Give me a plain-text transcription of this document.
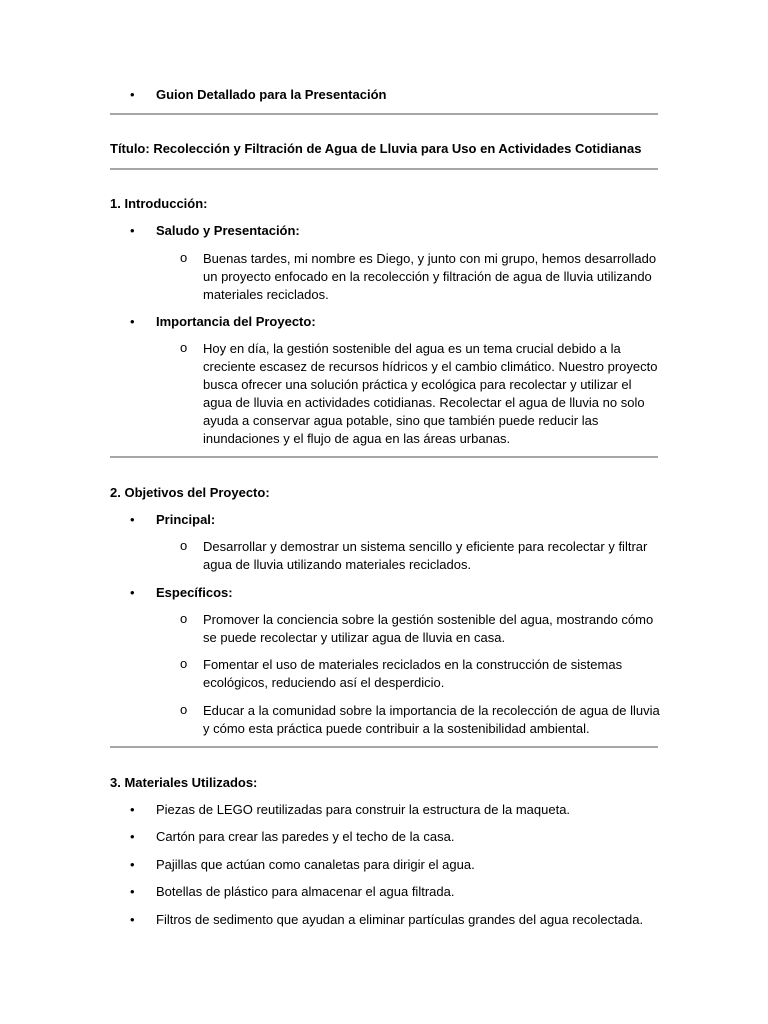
•	Guion Detallado para la Presentación
Título: Recolección y Filtración de Agua de Lluvia para Uso en Actividades Cotidianas
1. Introducción:
•	Saludo y Presentación:
o	Buenas tardes, mi nombre es Diego, y junto con mi grupo, hemos desarrollado un proyecto enfocado en la recolección y filtración de agua de lluvia utilizando materiales reciclados.
•	Importancia del Proyecto:
o	Hoy en día, la gestión sostenible del agua es un tema crucial debido a la creciente escasez de recursos hídricos y el cambio climático. Nuestro proyecto busca ofrecer una solución práctica y ecológica para recolectar y utilizar el agua de lluvia en actividades cotidianas. Recolectar el agua de lluvia no solo ayuda a conservar agua potable, sino que también puede reducir las inundaciones y el flujo de agua en las áreas urbanas.
2. Objetivos del Proyecto:
•	Principal:
o	Desarrollar y demostrar un sistema sencillo y eficiente para recolectar y filtrar agua de lluvia utilizando materiales reciclados.
•	Específicos:
o	Promover la conciencia sobre la gestión sostenible del agua, mostrando cómo se puede recolectar y utilizar agua de lluvia en casa.
o	Fomentar el uso de materiales reciclados en la construcción de sistemas ecológicos, reduciendo así el desperdicio.
o	Educar a la comunidad sobre la importancia de la recolección de agua de lluvia y cómo esta práctica puede contribuir a la sostenibilidad ambiental.
3. Materiales Utilizados:
•	Piezas de LEGO reutilizadas para construir la estructura de la maqueta.
•	Cartón para crear las paredes y el techo de la casa.
•	Pajillas que actúan como canaletas para dirigir el agua.
•	Botellas de plástico para almacenar el agua filtrada.
•	Filtros de sedimento que ayudan a eliminar partículas grandes del agua recolectada.
